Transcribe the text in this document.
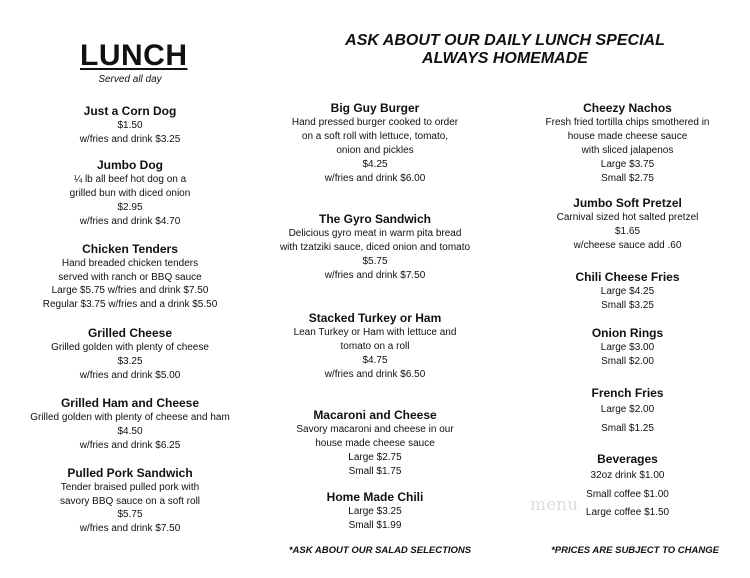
LUNCH
Served all day
ASK ABOUT OUR DAILY LUNCH SPECIAL
ALWAYS HOMEMADE
Just a Corn Dog
$1.50
w/fries and drink $3.25
Jumbo Dog
¼ lb all beef hot dog on a
grilled bun with diced onion
$2.95
w/fries and drink $4.70
Chicken Tenders
Hand breaded chicken tenders
served with ranch or BBQ sauce
Large $5.75 w/fries and drink $7.50
Regular $3.75 w/fries and a drink $5.50
Grilled Cheese
Grilled golden with plenty of cheese
$3.25
w/fries and drink $5.00
Grilled Ham and Cheese
Grilled golden with plenty of cheese and ham
$4.50
w/fries and drink $6.25
Pulled Pork Sandwich
Tender braised pulled pork with
savory BBQ sauce on a soft roll
$5.75
w/fries and drink $7.50
Big Guy Burger
Hand pressed burger cooked to order
on a soft roll with lettuce, tomato,
onion and pickles
$4.25
w/fries and drink $6.00
The Gyro Sandwich
Delicious gyro meat in warm pita bread
with tzatziki sauce, diced onion and tomato
$5.75
w/fries and drink $7.50
Stacked Turkey or Ham
Lean Turkey or Ham with lettuce and
tomato on a roll
$4.75
w/fries and drink $6.50
Macaroni and Cheese
Savory macaroni and cheese in our
house made cheese sauce
Large $2.75
Small $1.75
Home Made Chili
Large $3.25
Small $1.99
Cheezy Nachos
Fresh fried tortilla chips smothered in
house made cheese sauce
with sliced jalapenos
Large $3.75
Small $2.75
Jumbo Soft Pretzel
Carnival sized hot salted pretzel
$1.65
w/cheese sauce add .60
Chili Cheese Fries
Large $4.25
Small $3.25
Onion Rings
Large $3.00
Small $2.00
French Fries
Large $2.00
Small $1.25
Beverages
32oz drink $1.00
Small coffee $1.00
Large coffee $1.50
*ASK ABOUT OUR SALAD SELECTIONS	*PRICES ARE SUBJECT TO CHANGE
menu
